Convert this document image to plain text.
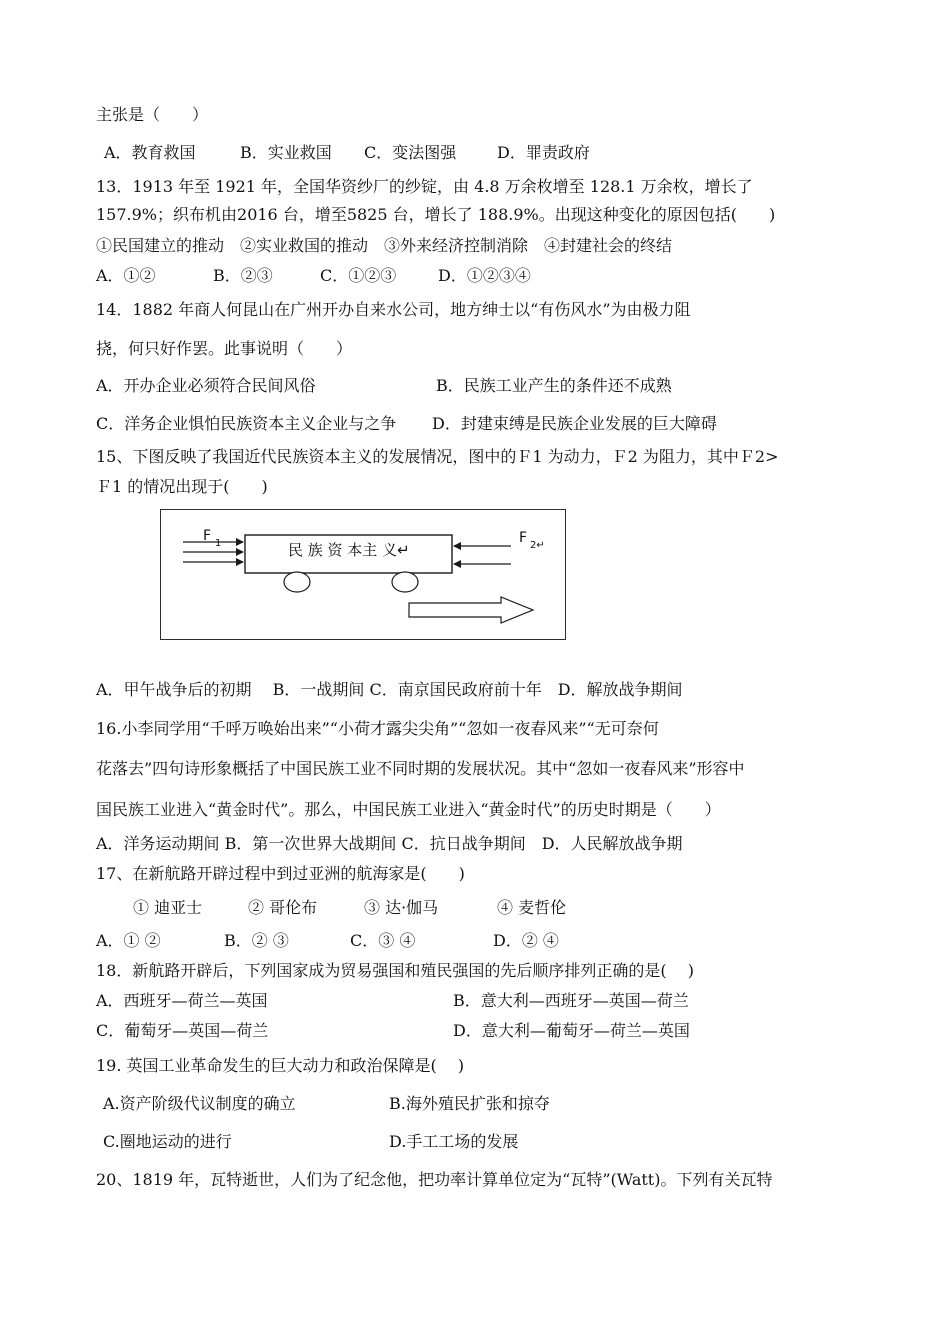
主张是（　　）
A．教育救国	B．实业救国 C．变法图强	D．罪责政府
13．1913 年至 1921 年，全国华资纱厂的纱锭，由 4.8 万余枚增至 128.1 万余枚，增长了
157.9%；织布机由2016 台，增至5825 台，增长了 188.9%。出现这种变化的原因包括(　　)
①民国建立的推动　②实业救国的推动　③外来经济控制消除　④封建社会的终结
A．①②	B．②③	C．①②③	D．①②③④
14．1882 年商人何昆山在广州开办自来水公司，地方绅士以“有伤风水”为由极力阻
挠，何只好作罢。此事说明（　　）
A．开办企业必须符合民间风俗	B．民族工业产生的条件还不成熟
C．洋务企业惧怕民族资本主义企业与之争 D．封建束缚是民族企业发展的巨大障碍
15、下图反映了我国近代民族资本主义的发展情况，图中的Ｆ1 为动力，Ｆ2 为阻力，其中Ｆ2>
Ｆ1 的情况出现于(　　)
民 族 资 本主 义↵
F 1	F 2↵
A．甲午战争后的初期　 B．一战期间 C．南京国民政府前十年　D．解放战争期间
16.小李同学用“千呼万唤始出来”“小荷才露尖尖角”“忽如一夜春风来”“无可奈何
花落去”四句诗形象概括了中国民族工业不同时期的发展状况。其中“忽如一夜春风来”形容中
国民族工业进入“黄金时代”。那么，中国民族工业进入“黄金时代”的历史时期是（　　）
A．洋务运动期间 B．第一次世界大战期间 C．抗日战争期间　D．人民解放战争期
17、在新航路开辟过程中到过亚洲的航海家是(　　)
① 迪亚士	② 哥伦布	③ 达·伽马	④ 麦哲伦
A．① ②	B．② ③	C．③ ④	D．② ④
18．新航路开辟后，下列国家成为贸易强国和殖民强国的先后顺序排列正确的是(　 )
A．西班牙—荷兰—英国	B．意大利—西班牙—英国—荷兰
C．葡萄牙—英国—荷兰	D．意大利—葡萄牙—荷兰—英国
19. 英国工业革命发生的巨大动力和政治保障是(　 )
A.资产阶级代议制度的确立	B.海外殖民扩张和掠夺
C.圈地运动的进行	D.手工工场的发展
20、1819 年，瓦特逝世，人们为了纪念他，把功率计算单位定为“瓦特”(Watt)。下列有关瓦特
